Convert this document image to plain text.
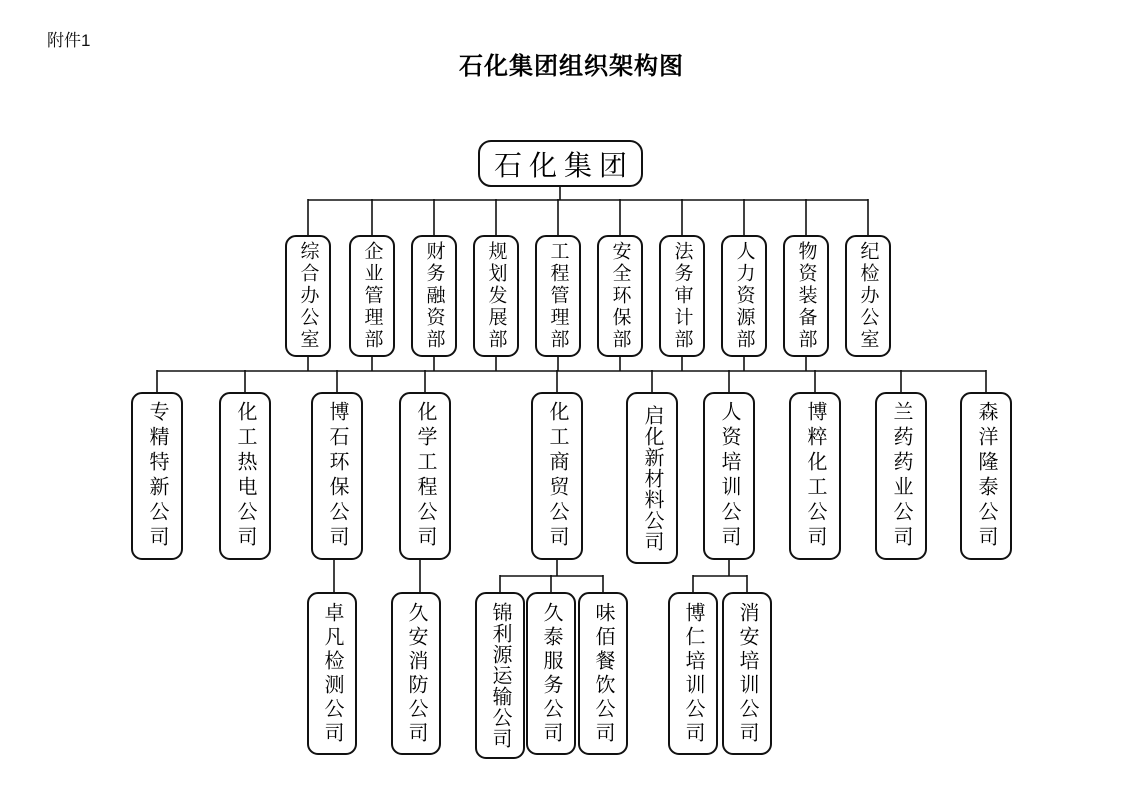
附件1
石化集团组织架构图
石化集团
综合办公室 企业管理部 财务融资部 规划发展部 工程管理部 安全环保部 法务审计部 人力资源部 物资装备部 纪检办公室
专精特新公司	化工热电公司	博石环保公司	化学工程公司	化工商贸公司	启化新材料公司	人资培训公司	博粹化工公司	兰药药业公司	森洋隆泰公司
卓凡检测公司	久安消防公司	锦利源运输公司 久泰服务公司 味佰餐饮公司	博仁培训公司 消安培训公司
